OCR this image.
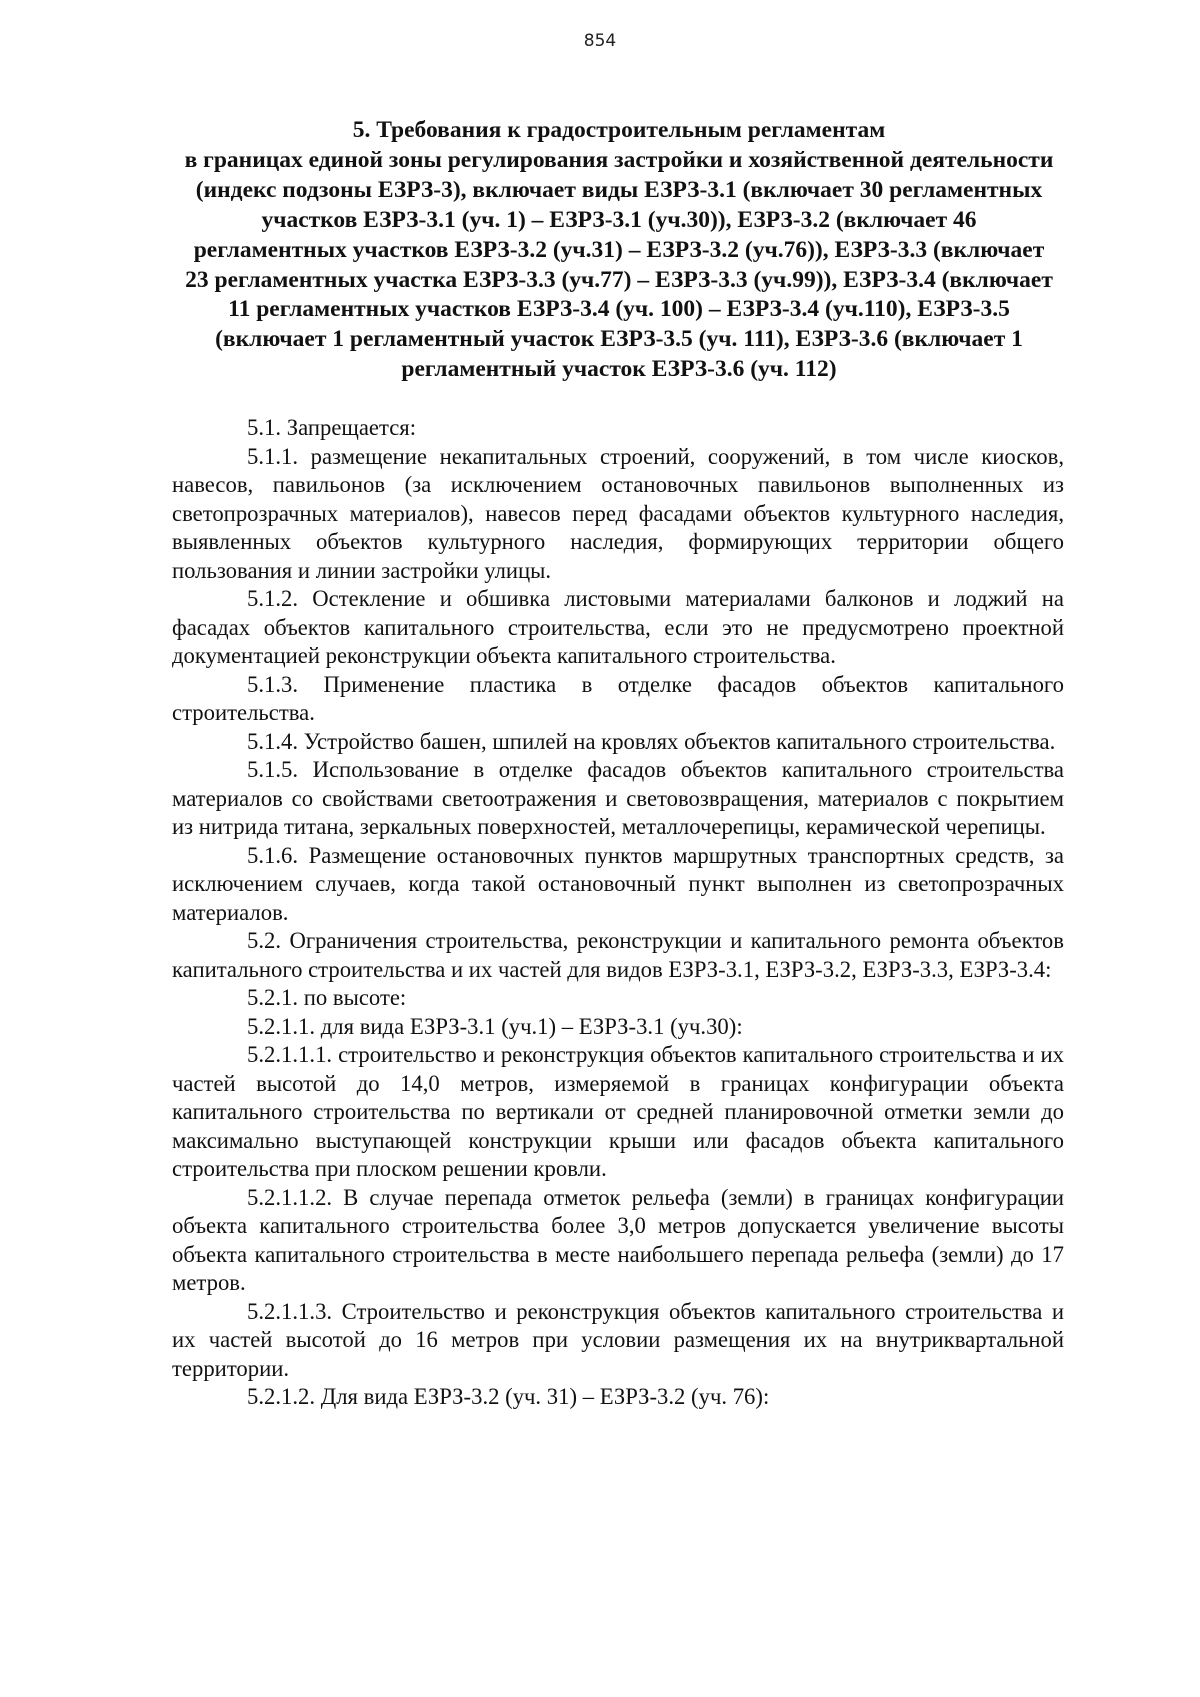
854
5. Требования к градостроительным регламентам
в границах единой зоны регулирования застройки и хозяйственной деятельности
(индекс подзоны ЕЗРЗ-3), включает виды ЕЗРЗ-3.1 (включает 30 регламентных
участков ЕЗРЗ-3.1 (уч. 1) – ЕЗРЗ-3.1 (уч.30)), ЕЗРЗ-3.2 (включает 46
регламентных участков ЕЗРЗ-3.2 (уч.31) – ЕЗРЗ-3.2 (уч.76)), ЕЗРЗ-3.3 (включает
23 регламентных участка ЕЗРЗ-3.3 (уч.77) – ЕЗРЗ-3.3 (уч.99)), ЕЗРЗ-3.4 (включает
11 регламентных участков ЕЗРЗ-3.4 (уч. 100) – ЕЗРЗ-3.4 (уч.110), ЕЗРЗ-3.5
(включает 1 регламентный участок ЕЗРЗ-3.5 (уч. 111), ЕЗРЗ-3.6 (включает 1
регламентный участок ЕЗРЗ-3.6 (уч. 112)

5.1. Запрещается:

5.1.1. размещение некапитальных строений, сооружений, в том числе киосков, навесов, павильонов (за исключением остановочных павильонов выполненных из светопрозрачных материалов), навесов перед фасадами объектов культурного наследия, выявленных объектов культурного наследия, формирующих территории общего пользования и линии застройки улицы.

5.1.2. Остекление и обшивка листовыми материалами балконов и лоджий на фасадах объектов капитального строительства, если это не предусмотрено проектной документацией реконструкции объекта капитального строительства.

5.1.3. Применение пластика в отделке фасадов объектов капитального строительства.

5.1.4. Устройство башен, шпилей на кровлях объектов капитального строительства.

5.1.5. Использование в отделке фасадов объектов капитального строительства материалов со свойствами светоотражения и световозвращения, материалов с покрытием из нитрида титана, зеркальных поверхностей, металлочерепицы, керамической черепицы.

5.1.6. Размещение остановочных пунктов маршрутных транспортных средств, за исключением случаев, когда такой остановочный пункт выполнен из светопрозрачных материалов.

5.2. Ограничения строительства, реконструкции и капитального ремонта объектов капитального строительства и их частей для видов ЕЗРЗ-3.1, ЕЗРЗ-3.2, ЕЗРЗ-3.3, ЕЗРЗ-3.4:

5.2.1. по высоте:

5.2.1.1. для вида ЕЗРЗ-3.1 (уч.1) – ЕЗРЗ-3.1 (уч.30):

5.2.1.1.1. строительство и реконструкция объектов капитального строительства и их частей высотой до 14,0 метров, измеряемой в границах конфигурации объекта капитального строительства по вертикали от средней планировочной отметки земли до максимально выступающей конструкции крыши или фасадов объекта капитального строительства при плоском решении кровли.

5.2.1.1.2. В случае перепада отметок рельефа (земли) в границах конфигурации объекта капитального строительства более 3,0 метров допускается увеличение высоты объекта капитального строительства в месте наибольшего перепада рельефа (земли) до 17 метров.

5.2.1.1.3. Строительство и реконструкция объектов капитального строительства и их частей высотой до 16 метров при условии размещения их на внутриквартальной территории.

5.2.1.2. Для вида ЕЗРЗ-3.2 (уч. 31) – ЕЗРЗ-3.2 (уч. 76):
